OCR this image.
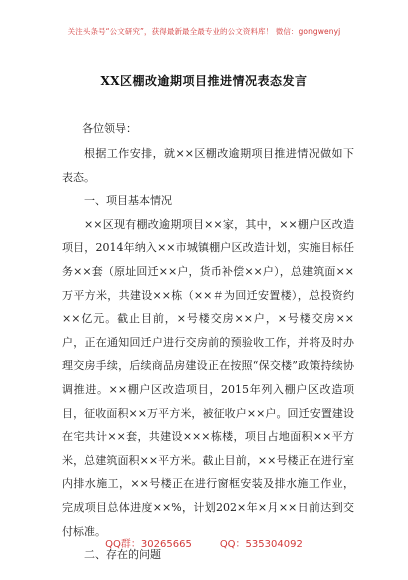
关注头条号“公文研究”，获得最新最全最专业的公文资料库！ 微信：gongwenyj
XX区棚改逾期项目推进情况表态发言
各位领导：

根据工作安排，就××区棚改逾期项目推进情况做如下表态。

一、项目基本情况

××区现有棚改逾期项目××家，其中，××棚户区改造项目，2014年纳入××市城镇棚户区改造计划，实施目标任务××套（原址回迁××户，货币补偿××户），总建筑面××万平方米，共建设××栋（××＃为回迁安置楼），总投资约××亿元。截止目前，×号楼交房××户，×号楼交房××户，正在通知回迁户进行交房前的预验收工作，并将及时办理交房手续，后续商品房建设正在按照“保交楼”政策持续协调推进。××棚户区改造项目，2015年列入棚户区改造项目，征收面积××万平方米，被征收户××户。回迁安置建设在宅共计××套，共建设×××栋楼，项目占地面积××平方米，总建筑面积××平方米。截止目前，××号楼正在进行室内排水施工，××号楼正在进行窗框安装及排水施工作业，完成项目总体进度××%，计划202×年×月××日前达到交付标准。

二、存在的问题

QQ群：30265665	QQ：535304092
